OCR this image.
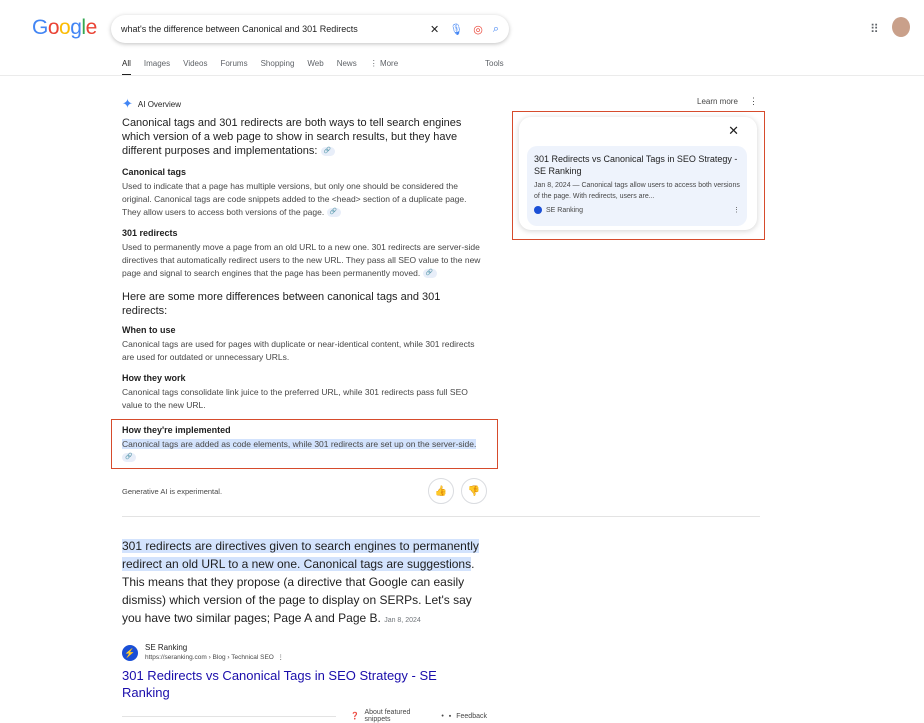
Google	what's the difference between Canonical and 301 Redirects	✕ 🎙 ◎ ⌕	⠿
All Images Videos Forums Shopping Web News ⋮ More	Tools
✦ AI Overview	Learn more ⋮
Canonical tags and 301 redirects are both ways to tell search engines which version of a web page to show in search results, but they have different purposes and implementations: 🔗
Canonical tags
Used to indicate that a page has multiple versions, but only one should be considered the original. Canonical tags are code snippets added to the <head> section of a duplicate page. They allow users to access both versions of the page. 🔗
301 redirects
Used to permanently move a page from an old URL to a new one. 301 redirects are server-side directives that automatically redirect users to the new URL. They pass all SEO value to the new page and signal to search engines that the page has been permanently moved. 🔗
Here are some more differences between canonical tags and 301 redirects:
When to use
Canonical tags are used for pages with duplicate or near-identical content, while 301 redirects are used for outdated or unnecessary URLs.
How they work
Canonical tags consolidate link juice to the preferred URL, while 301 redirects pass full SEO value to the new URL.
How they're implemented
Canonical tags are added as code elements, while 301 redirects are set up on the server-side. 🔗
Generative AI is experimental.	👍	👎
301 redirects are directives given to search engines to permanently redirect an old URL to a new one. Canonical tags are suggestions. This means that they propose (a directive that Google can easily dismiss) which version of the page to display on SERPs. Let's say you have two similar pages; Page A and Page B. Jan 8, 2024
⚡ SE Ranking
https://seranking.com › Blog › Technical SEO  ⋮
301 Redirects vs Canonical Tags in SEO Strategy - SE Ranking
❓
About featured snippets	• ▪ Feedback
✕
301 Redirects vs Canonical Tags in SEO Strategy - SE Ranking
Jan 8, 2024 — Canonical tags allow users to access both versions of the page. With redirects, users are...
SE Ranking	⋮
